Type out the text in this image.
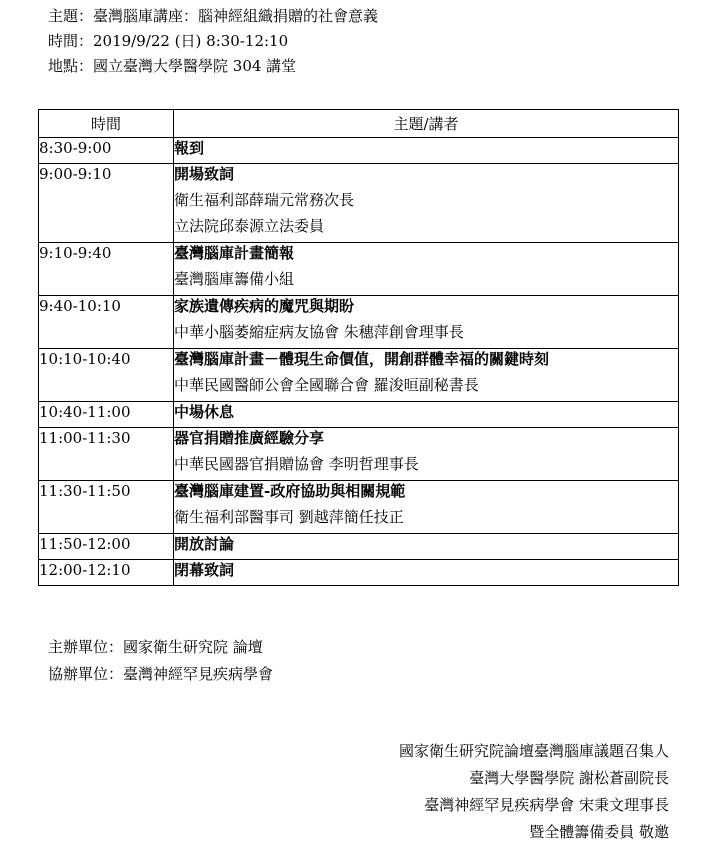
主題：臺灣腦庫講座：腦神經組織捐贈的社會意義
時間：2019/9/22 (日) 8:30-12:10
地點：國立臺灣大學醫學院 304 講堂
時間	主題/講者
8:30-9:00	報到

9:00-9:10	開場致詞
衛生福利部薛瑞元常務次長
立法院邱泰源立法委員

9:10-9:40	臺灣腦庫計畫簡報
臺灣腦庫籌備小組

9:40-10:10	家族遺傳疾病的魔咒與期盼
中華小腦萎縮症病友協會 朱穗萍創會理事長

10:10-10:40	臺灣腦庫計畫－體現生命價值，開創群體幸福的關鍵時刻
中華民國醫師公會全國聯合會 羅浚晅副秘書長

10:40-11:00	中場休息

11:00-11:30	器官捐贈推廣經驗分享
中華民國器官捐贈協會 李明哲理事長

11:30-11:50	臺灣腦庫建置-政府協助與相關規範
衛生福利部醫事司 劉越萍簡任技正

11:50-12:00	開放討論

12:00-12:10	閉幕致詞
主辦單位：國家衛生研究院 論壇
協辦單位：臺灣神經罕見疾病學會
國家衛生研究院論壇臺灣腦庫議題召集人
臺灣大學醫學院 謝松蒼副院長
臺灣神經罕見疾病學會 宋秉文理事長
暨全體籌備委員 敬邀
